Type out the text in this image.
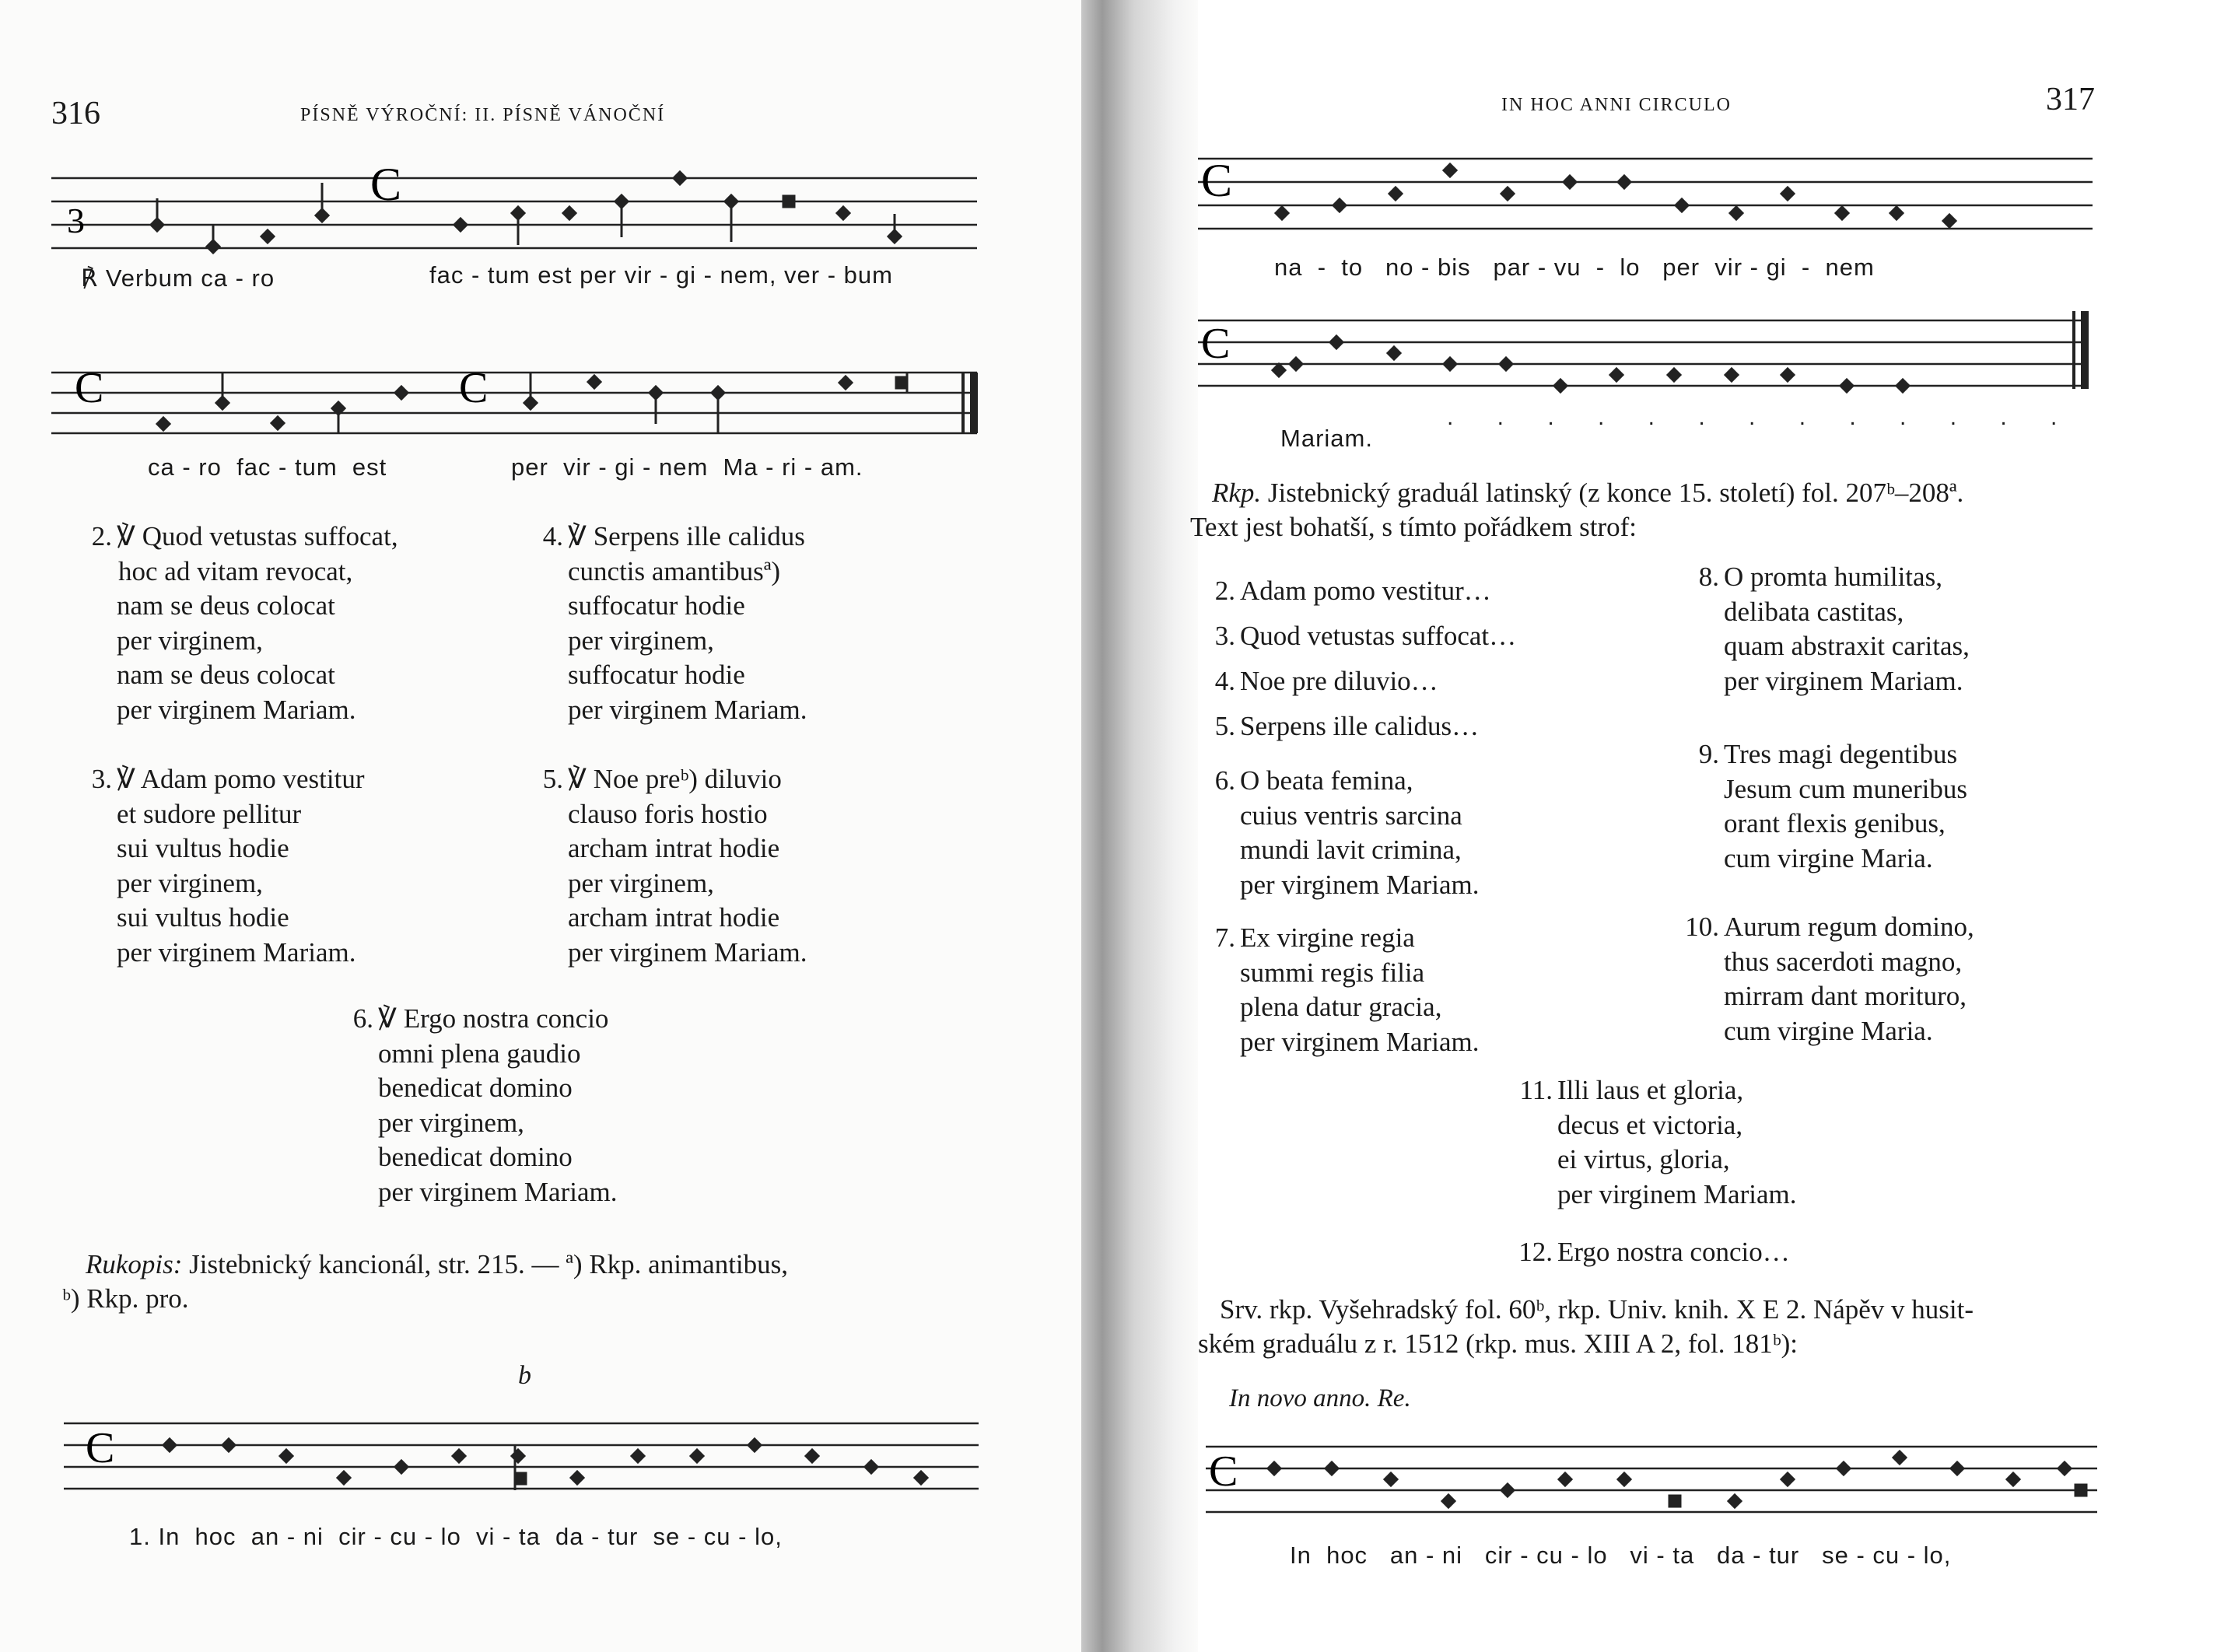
316	PÍSNĚ VÝROČNÍ: II. PÍSNĚ VÁNOČNÍ
3
C
℟ Verbum ca - ro	fac - tum est per vir - gi - nem, ver - bum
C	C
ca - ro  fac - tum  est	per  vir - gi - nem  Ma - ri - am.
2. ℣ Quod vetustas suffocat,
hoc ad vitam revocat,
nam se deus colocat
per virginem,
nam se deus colocat
per virginem Mariam.
4. ℣ Serpens ille calidus
cunctis amantibusª)
suffocatur hodie
per virginem,
suffocatur hodie
per virginem Mariam.
3. ℣ Adam pomo vestitur
et sudore pellitur
sui vultus hodie
per virginem,
sui vultus hodie
per virginem Mariam.
5. ℣ Noe preᵇ) diluvio
clauso foris hostio
archam intrat hodie
per virginem,
archam intrat hodie
per virginem Mariam.
6. ℣ Ergo nostra concio
omni plena gaudio
benedicat domino
per virginem,
benedicat domino
per virginem Mariam.
Rukopis: Jistebnický kancionál, str. 215. — ª) Rkp. animantibus,
ᵇ) Rkp. pro.
b
C
1. In  hoc  an - ni  cir - cu - lo  vi - ta  da - tur  se - cu - lo,
IN HOC ANNI CIRCULO	317
C
na  -  to   no - bis   par - vu  -  lo   per  vir - gi  -  nem
C
Mariam.
. . . . . . . . . . . . .
Rkp. Jistebnický graduál latinský (z konce 15. století) fol. 207ᵇ–208ª.
Text jest bohatší, s tímto pořádkem strof:
2. Adam pomo vestitur…
3. Quod vetustas suffocat…
4. Noe pre diluvio…
5. Serpens ille calidus…
6. O beata femina,
cuius ventris sarcina
mundi lavit crimina,
per virginem Mariam.
7. Ex virgine regia
summi regis filia
plena datur gracia,
per virginem Mariam.
8. O promta humilitas,
delibata castitas,
quam abstraxit caritas,
per virginem Mariam.
9. Tres magi degentibus
Jesum cum muneribus
orant flexis genibus,
cum virgine Maria.
10. Aurum regum domino,
thus sacerdoti magno,
mirram dant morituro,
cum virgine Maria.
11. Illi laus et gloria,
decus et victoria,
ei virtus, gloria,
per virginem Mariam.
12. Ergo nostra concio…
Srv. rkp. Vyšehradský fol. 60ᵇ, rkp. Univ. knih. X E 2. Nápěv v husit-
ském graduálu z r. 1512 (rkp. mus. XIII A 2, fol. 181ᵇ):
In novo anno. Re.
C
In  hoc   an - ni   cir - cu - lo   vi - ta   da - tur   se - cu - lo,
